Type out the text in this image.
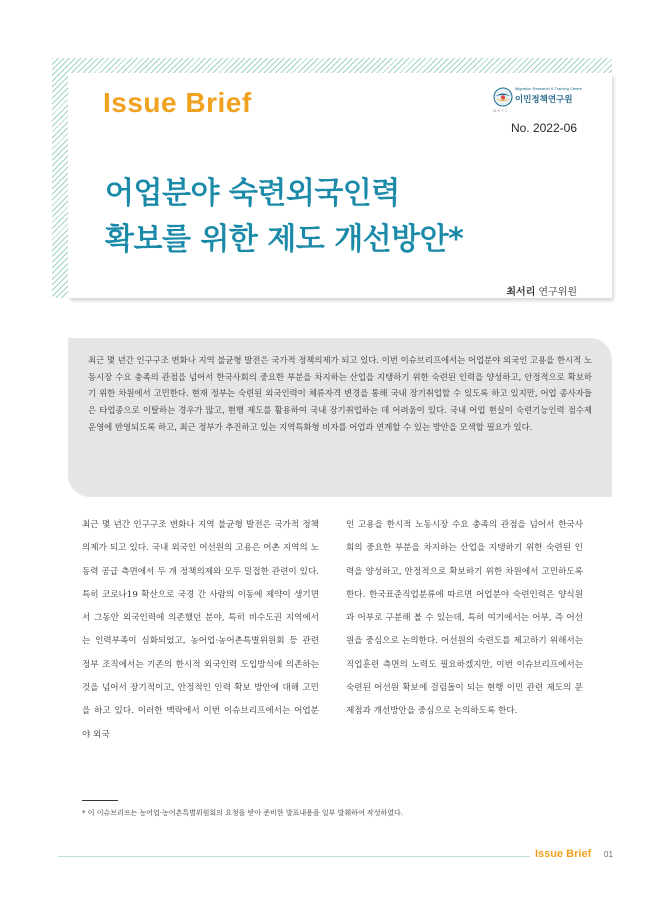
Issue Brief	Migration Research & Training Centre
이민정책연구원
MRTC
No. 2022-06
어업분야 숙련외국인력
확보를 위한 제도 개선방안*
최서리 연구위원
최근 몇 년간 인구구조 변화나 지역 불균형 발전은 국가적 정책의제가 되고 있다. 이번 이슈브리프에서는 어업분야 외국인 고용을 한시적 노동시장 수요 충족의 관점을 넘어서 한국사회의 중요한 부분을 차지하는 산업을 지탱하기 위한 숙련된 인력을 양성하고, 안정적으로 확보하기 위한 차원에서 고민한다. 현재 정부는 숙련된 외국인력이 체류자격 변경을 통해 국내 장기취업할 수 있도록 하고 있지만, 어업 종사자들은 타업종으로 이탈하는 경우가 많고, 현행 제도를 활용하여 국내 장기취업하는 데 어려움이 있다. 국내 어업 현실이 숙련기능인력 점수제 운영에 반영되도록 하고, 최근 정부가 추진하고 있는 지역특화형 비자를 어업과 연계할 수 있는 방안을 모색할 필요가 있다.
최근 몇 년간 인구구조 변화나 지역 불균형 발전은 국가적 정책의제가 되고 있다. 국내 외국인 어선원의 고용은 어촌 지역의 노동력 공급 측면에서 두 개 정책의제와 모두 밀접한 관련이 있다. 특히 코로나19 확산으로 국경 간 사람의 이동에 제약이 생기면서 그동안 외국인력에 의존했던 분야, 특히 비수도권 지역에서는 인력부족이 심화되었고, 농어업·농어촌특별위원회 등 관련 정부 조직에서는 기존의 한시적 외국인력 도입방식에 의존하는 것을 넘어서 장기적이고, 안정적인 인력 확보 방안에 대해 고민을 하고 있다. 이러한 맥락에서 이번 이슈브리프에서는 어업분야 외국
인 고용을 한시적 노동시장 수요 충족의 관점을 넘어서 한국사회의 중요한 부분을 차지하는 산업을 지탱하기 위한 숙련된 인력을 양성하고, 안정적으로 확보하기 위한 차원에서 고민하도록 한다. 한국표준직업분류에 따르면 어업분야 숙련인력은 양식원과 어부로 구분해 볼 수 있는데, 특히 여기에서는 어부, 즉 어선원을 중심으로 논의한다. 어선원의 숙련도를 제고하기 위해서는 직업훈련 측면의 노력도 필요하겠지만, 이번 이슈브리프에서는 숙련된 어선원 확보에 걸림돌이 되는 현행 이민 관련 제도의 문제점과 개선방안을 중심으로 논의하도록 한다.
* 이 이슈브리프는 농어업·농어촌특별위원회의 요청을 받아 준비한 발표내용을 일부 발췌하여 작성하였다.
Issue Brief 01
